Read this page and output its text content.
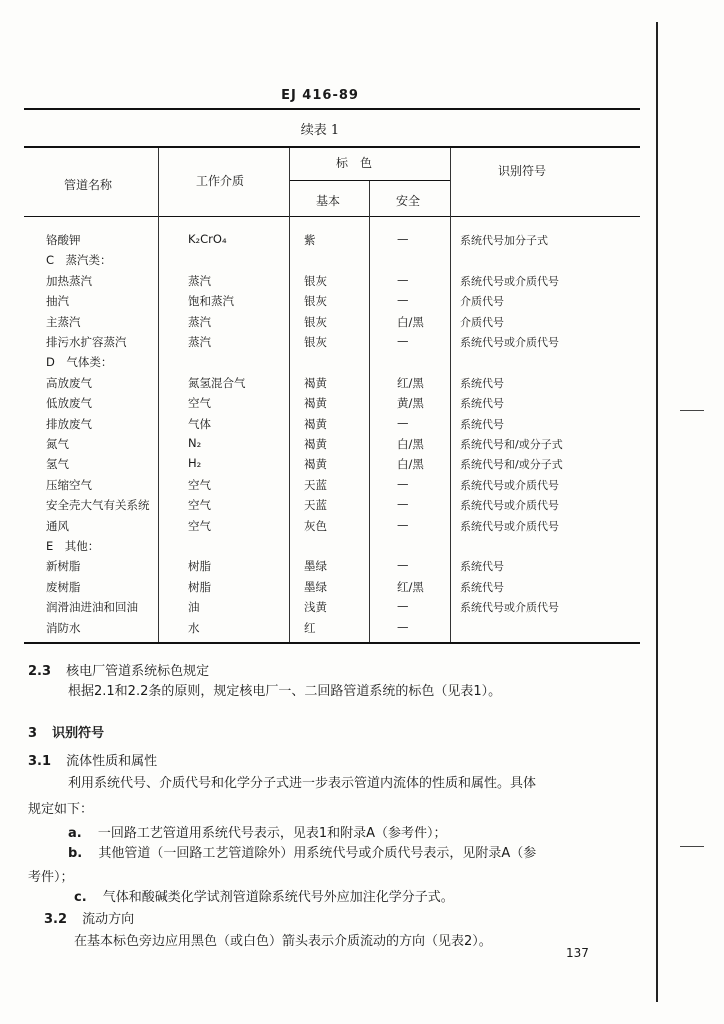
EJ 416-89
续表 1
管道名称	工作介质
标　色
基本	安全
识别符号
铬酸钾	K₂CrO₄	紫	—	系统代号加分子式
C　蒸汽类：
加热蒸汽	蒸汽	银灰	—	系统代号或介质代号
抽汽	饱和蒸汽	银灰	—	介质代号
主蒸汽	蒸汽	银灰	白/黑	介质代号
排污水扩容蒸汽	蒸汽	银灰	—	系统代号或介质代号
D　气体类：
高放废气	氮氢混合气	褐黄	红/黑	系统代号
低放废气	空气	褐黄	黄/黑	系统代号
排放废气	气体	褐黄	—	系统代号
氮气	N₂	褐黄	白/黑	系统代号和/或分子式
氢气	H₂	褐黄	白/黑	系统代号和/或分子式
压缩空气	空气	天蓝	—	系统代号或介质代号
安全壳大气有关系统	空气	天蓝	—	系统代号或介质代号
通风	空气	灰色	—	系统代号或介质代号
E　其他：
新树脂	树脂	墨绿	—	系统代号
废树脂	树脂	墨绿	红/黑	系统代号
润滑油进油和回油	油	浅黄	—	系统代号或介质代号
消防水	水	红	—
2.3 核电厂管道系统标色规定
根据2.1和2.2条的原则，规定核电厂一、二回路管道系统的标色（见表1）。
3 识别符号
3.1 流体性质和属性
利用系统代号、介质代号和化学分子式进一步表示管道内流体的性质和属性。具体
规定如下：
a. 一回路工艺管道用系统代号表示，见表1和附录A（参考件）；
b. 其他管道（一回路工艺管道除外）用系统代号或介质代号表示，见附录A（参
考件）；
c. 气体和酸碱类化学试剂管道除系统代号外应加注化学分子式。
3.2 流动方向
在基本标色旁边应用黑色（或白色）箭头表示介质流动的方向（见表2）。
137
